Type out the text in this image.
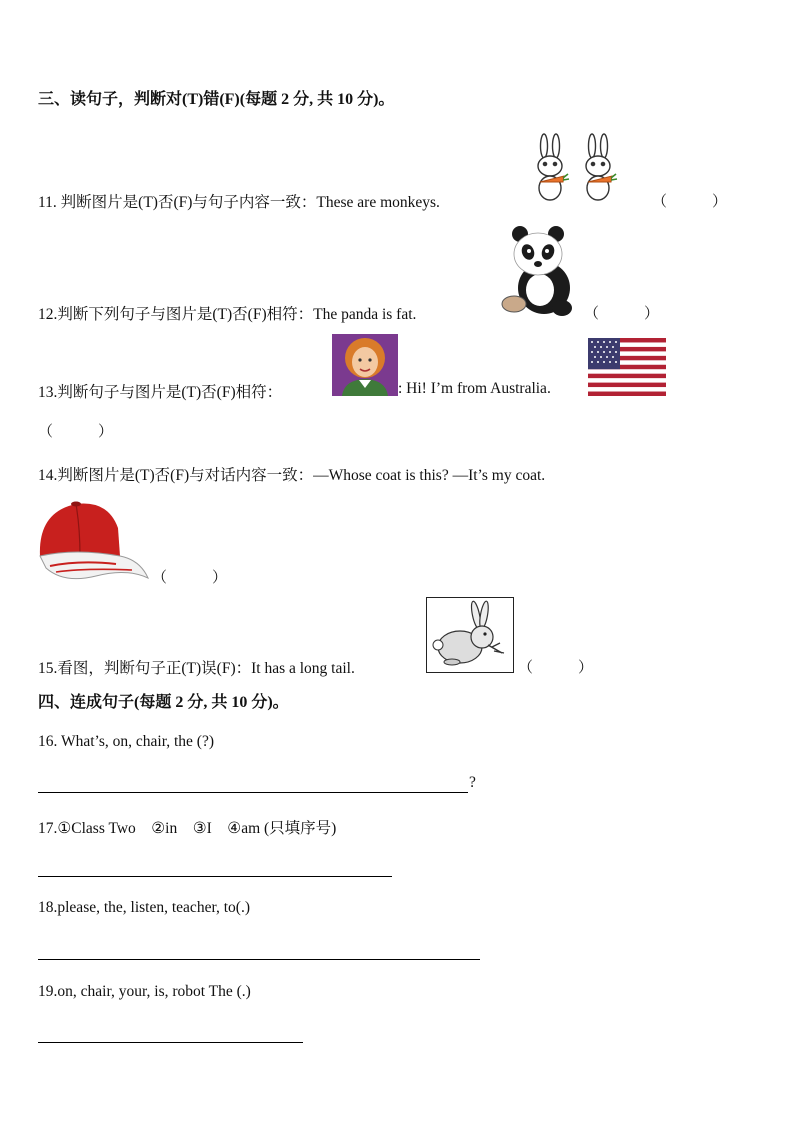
三、读句子，判断对(T)错(F)(每题 2 分, 共 10 分)。
11. 判断图片是(T)否(F)与句子内容一致：These are monkeys.	（　　　）
12.判断下列句子与图片是(T)否(F)相符：The panda is fat.	（　　　）
13.判断句子与图片是(T)否(F)相符：	: Hi! I’m from Australia.
（　　　）
14.判断图片是(T)否(F)与对话内容一致：—Whose coat is this? —It’s my coat.
（　　　）
15.看图，判断句子正(T)误(F)：It has a long tail.	（　　　）
四、连成句子(每题 2 分, 共 10 分)。
16. What’s, on, chair, the (?)
?
17.①Class Two　②in　③I　④am (只填序号)
18.please, the, listen, teacher, to(.)
19.on, chair, your, is, robot The (.)
